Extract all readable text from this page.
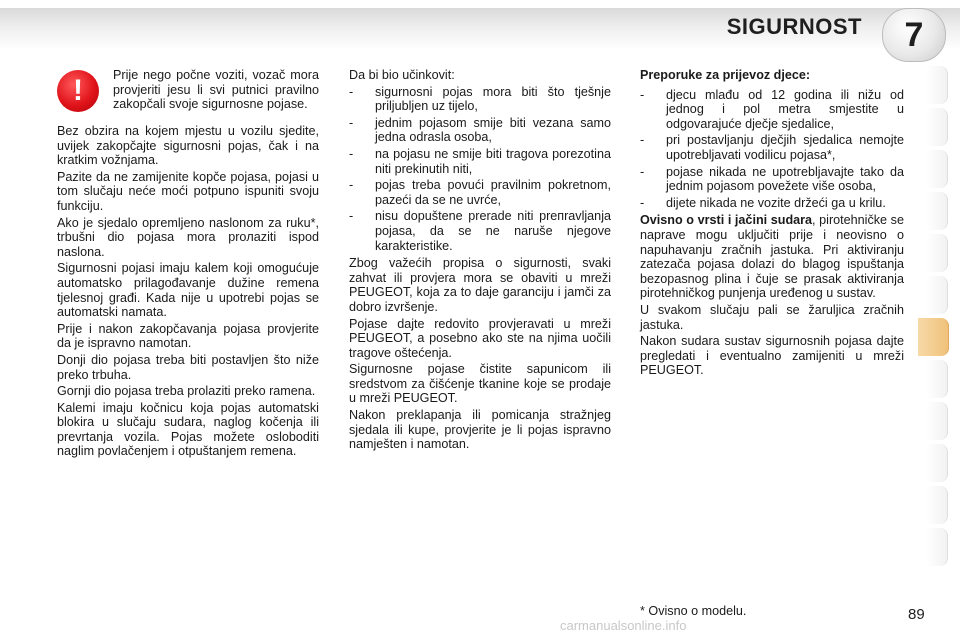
SIGURNOST 7
! Prije nego počne voziti, vozač mora provjeriti jesu li svi putnici pravilno zakopčali svoje sigurnosne pojase.

Bez obzira na kojem mjestu u vozilu sjedite, uvijek zakopčajte sigurnosni pojas, čak i na kratkim vožnjama.

Pazite da ne zamijenite kopče pojasa, pojasi u tom slučaju neće moći potpuno ispuniti svoju funkciju.

Ako je sjedalo opremljeno naslonom za ruku*, trbušni dio pojasa mora proлaziti ispod naslona.

Sigurnosni pojasi imaju kalem koji omogućuje automatsko prilagođavanje dužine remena tjelesnoj građi. Kada nije u upotrebi pojas se automatski namata.

Prije i nakon zakopčavanja pojasa provjerite da je ispravno namotan.

Donji dio pojasa treba biti postavljen što niže preko trbuha.

Gornji dio pojasa treba prolaziti preko ramena.

Kalemi imaju kočnicu koja pojas automatski blokira u slučaju sudara, naglog kočenja ili prevrtanja vozila. Pojas možete osloboditi naglim povlačenjem i otpuštanjem remena.

Da bi bio učinkovit:

- sigurnosni pojas mora biti što tješnje priljubljen uz tijelo,
- jednim pojasom smije biti vezana samo jedna odrasla osoba,
- na pojasu ne smije biti tragova porezotina niti prekinutih niti,
- pojas treba povući pravilnim pokretnom, pazeći da se ne uvrće,
- nisu dopuštene prerade niti preпravljanja pojasa, da se ne naruše njegove karakteristike.

Zbog važećih propisa o sigurnosti, svaki zahvat ili provjera mora se obaviti u mreži PEUGEOT, koja za to daje garanciju i jamči za dobro izvršenje.

Pojase dajte redovito provjeravati u mreži PEUGEOT, a posebno ako ste na njima uočili tragove oštećenja.

Sigurnosne pojase čistite sapunicom ili sredstvom za čišćenje tkanine koje se prodaje u mreži PEUGEOT.

Nakon preklapanja ili pomicanja stražnjeg sjedala ili kupe, provjerite je li pojas ispravno namješten i namotan.

Preporuke za prijevoz djece:

- djecu mlađu od 12 godina ili nižu od jednog i pol metra smjestite u odgovarajuće dječje sjedalice,
- pri postavljanju dječjih sjedalica nemojte upotrebljavati vodilicu pojasa*,
- pojase nikada ne upotrebljavajte tako da jednim pojasom povežete više osoba,
- dijete nikada ne vozite držeći ga u krilu.

Ovisno o vrsti i jačini sudara, pirotehničke se naprave mogu uključiti prije i neovisno o napuhavanju zračnih jastuka. Pri aktiviranju zatezača pojasa dolazi do blagog ispuštanja bezopasnog plina i čuje se prasak aktiviranja pirotehničkog punjenja uređenog u sustav.

U svakom slučaju pali se žaruljica zračnih jastuka.

Nakon sudara sustav sigurnosnih pojasa dajte pregledati i eventualno zamijeniti u mreži PEUGEOT.

* Ovisno o modelu.	89
carmanualsonline.info
